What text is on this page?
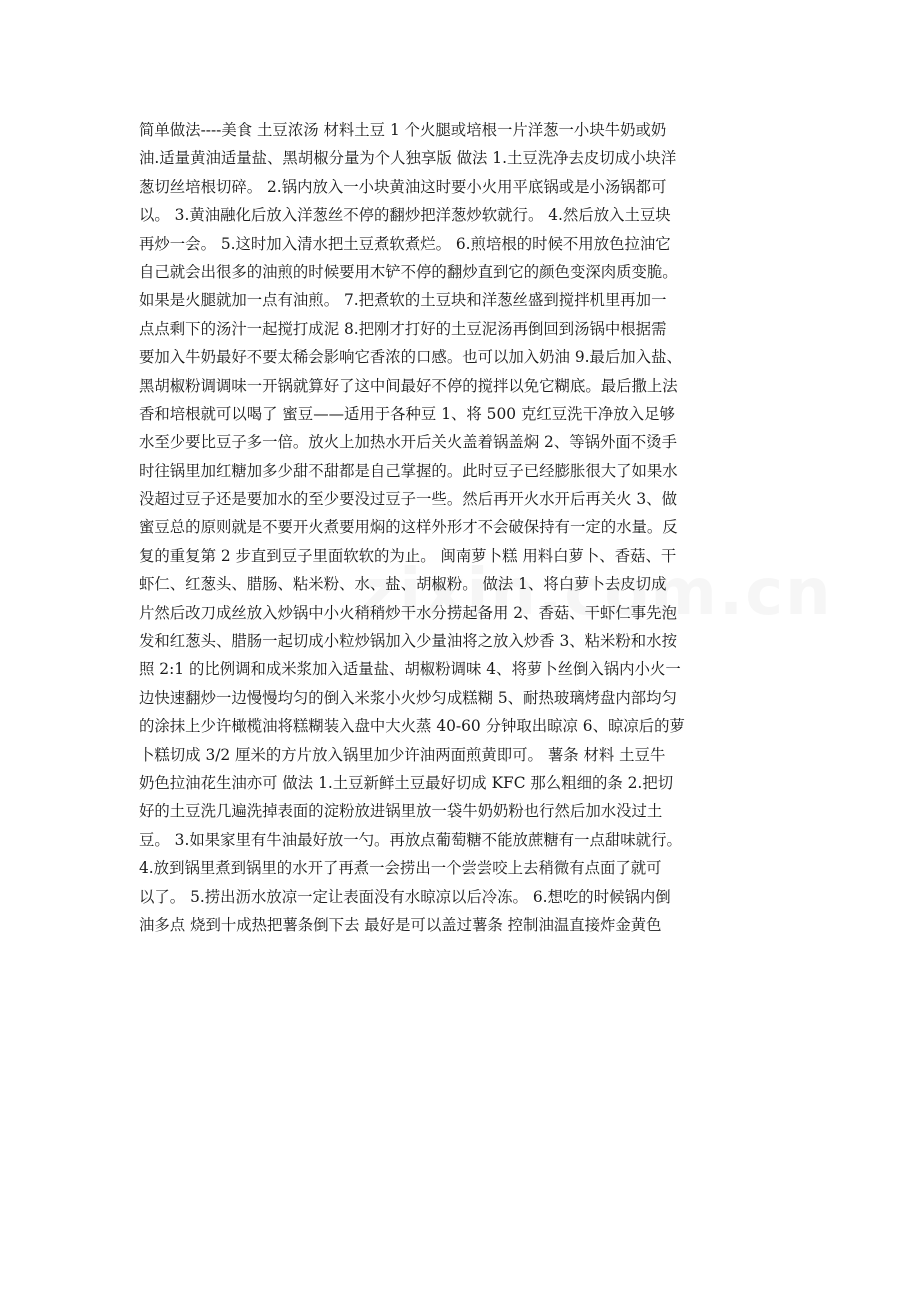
简单做法----美食 土豆浓汤 材料土豆 1 个火腿或培根一片洋葱一小块牛奶或奶
油.适量黄油适量盐、黑胡椒分量为个人独享版 做法 1.土豆洗净去皮切成小块洋
葱切丝培根切碎。 2.锅内放入一小块黄油这时要小火用平底锅或是小汤锅都可
以。 3.黄油融化后放入洋葱丝不停的翻炒把洋葱炒软就行。 4.然后放入土豆块
再炒一会。 5.这时加入清水把土豆煮软煮烂。 6.煎培根的时候不用放色拉油它
自己就会出很多的油煎的时候要用木铲不停的翻炒直到它的颜色变深肉质变脆。
如果是火腿就加一点有油煎。 7.把煮软的土豆块和洋葱丝盛到搅拌机里再加一
点点剩下的汤汁一起搅打成泥 8.把刚才打好的土豆泥汤再倒回到汤锅中根据需
要加入牛奶最好不要太稀会影响它香浓的口感。也可以加入奶油 9.最后加入盐、
黑胡椒粉调调味一开锅就算好了这中间最好不停的搅拌以免它糊底。最后撒上法
香和培根就可以喝了 蜜豆——适用于各种豆 1、将 500 克红豆洗干净放入足够
水至少要比豆子多一倍。放火上加热水开后关火盖着锅盖焖 2、等锅外面不烫手
时往锅里加红糖加多少甜不甜都是自己掌握的。此时豆子已经膨胀很大了如果水
没超过豆子还是要加水的至少要没过豆子一些。然后再开火水开后再关火 3、做
蜜豆总的原则就是不要开火煮要用焖的这样外形才不会破保持有一定的水量。反
复的重复第 2 步直到豆子里面软软的为止。 闽南萝卜糕 用料白萝卜、香菇、干
虾仁、红葱头、腊肠、粘米粉、水、盐、胡椒粉。 做法 1、将白萝卜去皮切成
片然后改刀成丝放入炒锅中小火稍稍炒干水分捞起备用 2、香菇、干虾仁事先泡
发和红葱头、腊肠一起切成小粒炒锅加入少量油将之放入炒香 3、粘米粉和水按
照 2:1 的比例调和成米浆加入适量盐、胡椒粉调味 4、将萝卜丝倒入锅内小火一
边快速翻炒一边慢慢均匀的倒入米浆小火炒匀成糕糊 5、耐热玻璃烤盘内部均匀
的涂抹上少许橄榄油将糕糊装入盘中大火蒸 40-60 分钟取出晾凉 6、晾凉后的萝
卜糕切成 3/2 厘米的方片放入锅里加少许油两面煎黄即可。 薯条 材料 土豆牛
奶色拉油花生油亦可 做法 1.土豆新鲜土豆最好切成 KFC 那么粗细的条 2.把切
好的土豆洗几遍洗掉表面的淀粉放进锅里放一袋牛奶奶粉也行然后加水没过土
豆。 3.如果家里有牛油最好放一勺。再放点葡萄糖不能放蔗糖有一点甜味就行。
4.放到锅里煮到锅里的水开了再煮一会捞出一个尝尝咬上去稍微有点面了就可
以了。 5.捞出沥水放凉一定让表面没有水晾凉以后冷冻。 6.想吃的时候锅内倒
油多点 烧到十成热把薯条倒下去 最好是可以盖过薯条 控制油温直接炸金黄色
